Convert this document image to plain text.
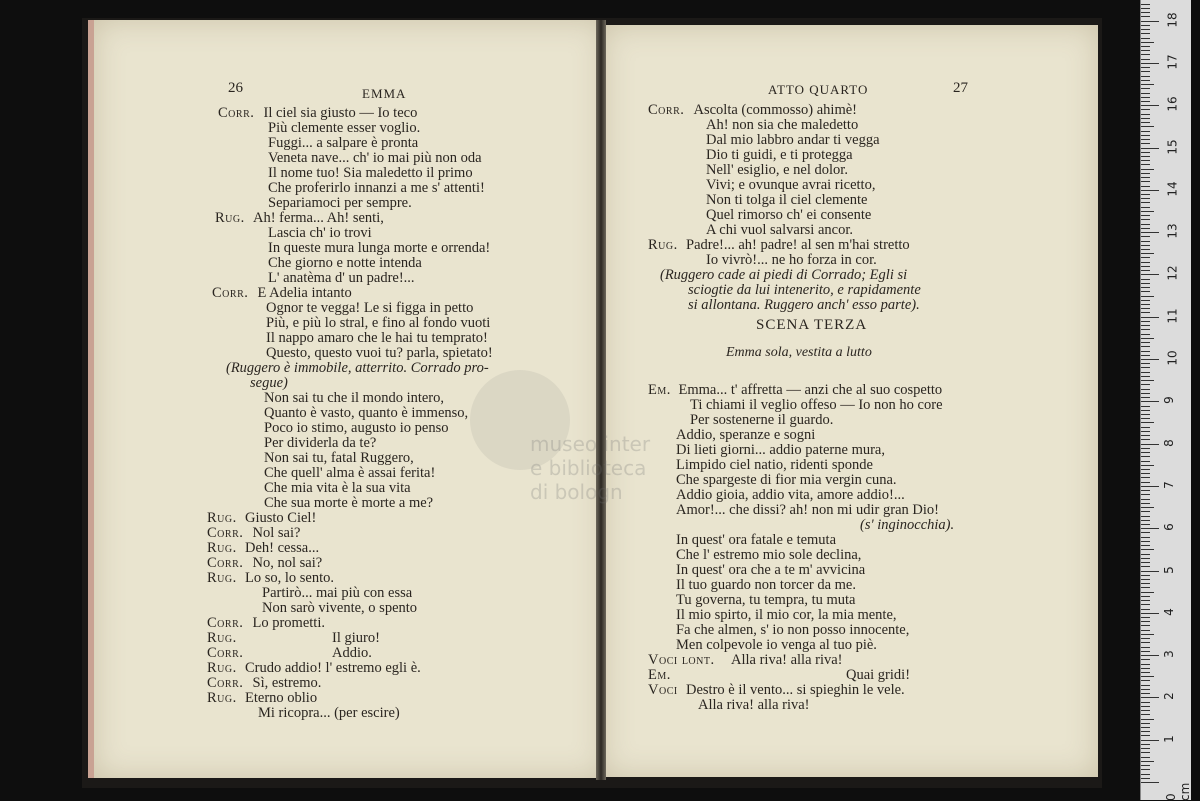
museo inter
e biblioteca
di bologn
26	EMMA	ATTO QUARTO	27
SCENA TERZA
Emma sola, vestita a lutto
Corr. Il ciel sia giusto — Io teco
Più clemente esser voglio.
Fuggi... a salpare è pronta
Veneta nave... ch' io mai più non oda
Il nome tuo! Sia maledetto il primo
Che proferirlo innanzi a me s' attenti!
Separiamoci per sempre.
Rug. Ah! ferma... Ah! senti,
Lascia ch' io trovi
In queste mura lunga morte e orrenda!
Che giorno e notte intenda
L' anatèma d' un padre!...
Corr. E Adelia intanto
Ognor te vegga! Le si figga in petto
Più, e più lo stral, e fino al fondo vuoti
Il nappo amaro che le hai tu temprato!
Questo, questo vuoi tu? parla, spietato!
(Ruggero è immobile, atterrito. Corrado pro-
segue)
Non sai tu che il mondo intero,
Quanto è vasto, quanto è immenso,
Poco io stimo, augusto io penso
Per dividerla da te?
Non sai tu, fatal Ruggero,
Che quell' alma è assai ferita!
Che mia vita è la sua vita
Che sua morte è morte a me?
Rug. Giusto Ciel!
Corr. Nol sai?
Rug. Deh! cessa...
Corr. No, nol sai?
Rug. Lo so, lo sento.
Partirò... mai più con essa
Non sarò vivente, o spento
Corr. Lo prometti.
Rug.	Il giuro!
Corr.	Addio.
Rug. Crudo addio! l' estremo egli è.
Corr. Sì, estremo.
Rug. Eterno oblio
Mi ricopra... (per escire)
Corr. Ascolta (commosso) ahimè!
Ah! non sia che maledetto
Dal mio labbro andar ti vegga
Dio ti guidi, e ti protegga
Nell' esiglio, e nel dolor.
Vivi; e ovunque avrai ricetto,
Non ti tolga il ciel clemente
Quel rimorso ch' ei consente
A chi vuol salvarsi ancor.
Rug. Padre!... ah! padre! al sen m'hai stretto
Io vivrò!... ne ho forza in cor.
(Ruggero cade ai piedi di Corrado; Egli si
sciogtie da lui intenerito, e rapidamente
si allontana. Ruggero anch' esso parte).
Em. Emma... t' affretta — anzi che al suo cospetto
Ti chiami il veglio offeso — Io non ho core
Per sostenerne il guardo.
Addio, speranze e sogni
Di lieti giorni... addio paterne mura,
Limpido ciel natio, ridenti sponde
Che spargeste di fior mia vergin cuna.
Addio gioia, addio vita, amore addio!...
Amor!... che dissi? ah! non mi udir gran Dio!
(s' inginocchia).
In quest' ora fatale e temuta
Che l' estremo mio sole declina,
In quest' ora che a te m' avvicina
Il tuo guardo non torcer da me.
Tu governa, tu tempra, tu muta
Il mio spirto, il mio cor, la mia mente,
Fa che almen, s' io non posso innocente,
Men colpevole io venga al tuo piè.
Voci lont. Alla riva! alla riva!
Em.	Quai gridi!
Voci Destro è il vento... si spieghin le vele.
Alla riva! alla riva!
0 cm
1
2
3
4
5
6
7
8
9
10
11
12
13
14
15
16
17
18
